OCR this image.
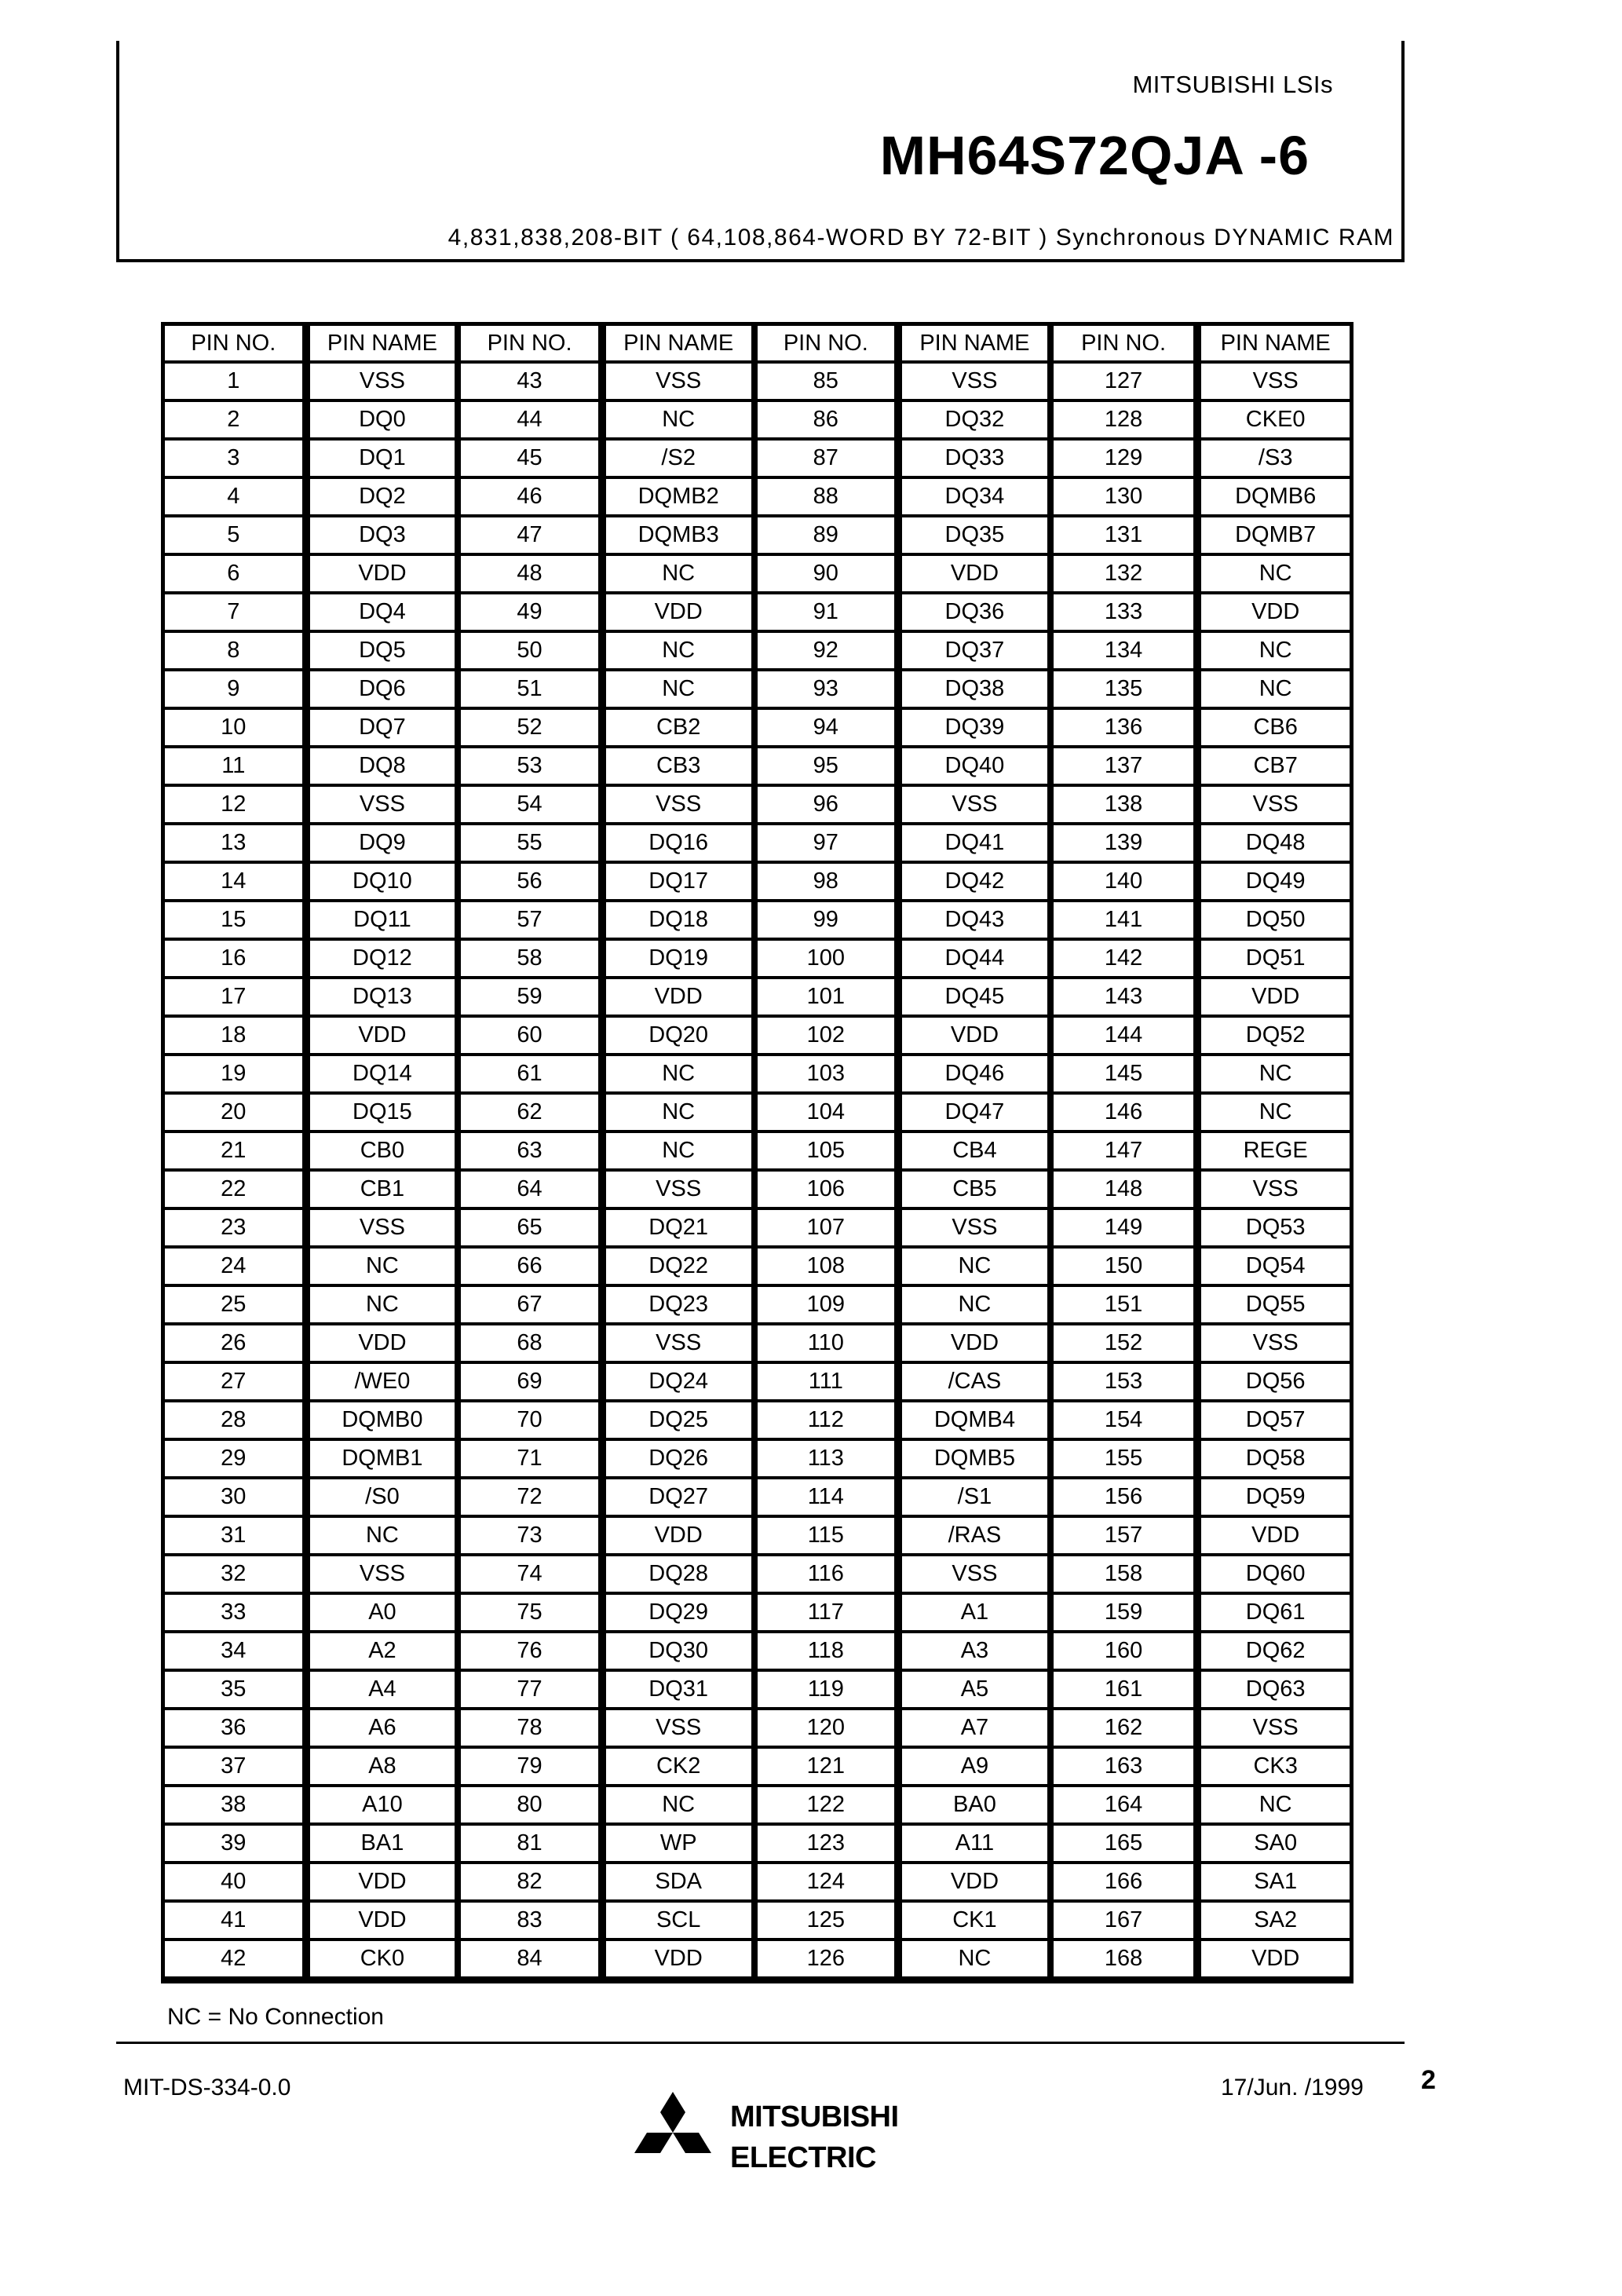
MITSUBISHI LSIs
MH64S72QJA -6
4,831,838,208-BIT ( 64,108,864-WORD BY 72-BIT ) Synchronous DYNAMIC RAM
PIN NO.	PIN NAME
1	VSS
2	DQ0
3	DQ1
4	DQ2
5	DQ3
6	VDD
7	DQ4
8	DQ5
9	DQ6
10	DQ7
11	DQ8
12	VSS
13	DQ9
14	DQ10
15	DQ11
16	DQ12
17	DQ13
18	VDD
19	DQ14
20	DQ15
21	CB0
22	CB1
23	VSS
24	NC
25	NC
26	VDD
27	/WE0
28	DQMB0
29	DQMB1
30	/S0
31	NC
32	VSS
33	A0
34	A2
35	A4
36	A6
37	A8
38	A10
39	BA1
40	VDD
41	VDD
42	CK0

PIN NO.	PIN NAME
43	VSS
44	NC
45	/S2
46	DQMB2
47	DQMB3
48	NC
49	VDD
50	NC
51	NC
52	CB2
53	CB3
54	VSS
55	DQ16
56	DQ17
57	DQ18
58	DQ19
59	VDD
60	DQ20
61	NC
62	NC
63	NC
64	VSS
65	DQ21
66	DQ22
67	DQ23
68	VSS
69	DQ24
70	DQ25
71	DQ26
72	DQ27
73	VDD
74	DQ28
75	DQ29
76	DQ30
77	DQ31
78	VSS
79	CK2
80	NC
81	WP
82	SDA
83	SCL
84	VDD

PIN NO.	PIN NAME
85	VSS
86	DQ32
87	DQ33
88	DQ34
89	DQ35
90	VDD
91	DQ36
92	DQ37
93	DQ38
94	DQ39
95	DQ40
96	VSS
97	DQ41
98	DQ42
99	DQ43
100	DQ44
101	DQ45
102	VDD
103	DQ46
104	DQ47
105	CB4
106	CB5
107	VSS
108	NC
109	NC
110	VDD
111	/CAS
112	DQMB4
113	DQMB5
114	/S1
115	/RAS
116	VSS
117	A1
118	A3
119	A5
120	A7
121	A9
122	BA0
123	A11
124	VDD
125	CK1
126	NC

PIN NO.	PIN NAME
127	VSS
128	CKE0
129	/S3
130	DQMB6
131	DQMB7
132	NC
133	VDD
134	NC
135	NC
136	CB6
137	CB7
138	VSS
139	DQ48
140	DQ49
141	DQ50
142	DQ51
143	VDD
144	DQ52
145	NC
146	NC
147	REGE
148	VSS
149	DQ53
150	DQ54
151	DQ55
152	VSS
153	DQ56
154	DQ57
155	DQ58
156	DQ59
157	VDD
158	DQ60
159	DQ61
160	DQ62
161	DQ63
162	VSS
163	CK3
164	NC
165	SA0
166	SA1
167	SA2
168	VDD
NC = No Connection
MIT-DS-334-0.0	17/Jun. /1999 2
MITSUBISHI
ELECTRIC
